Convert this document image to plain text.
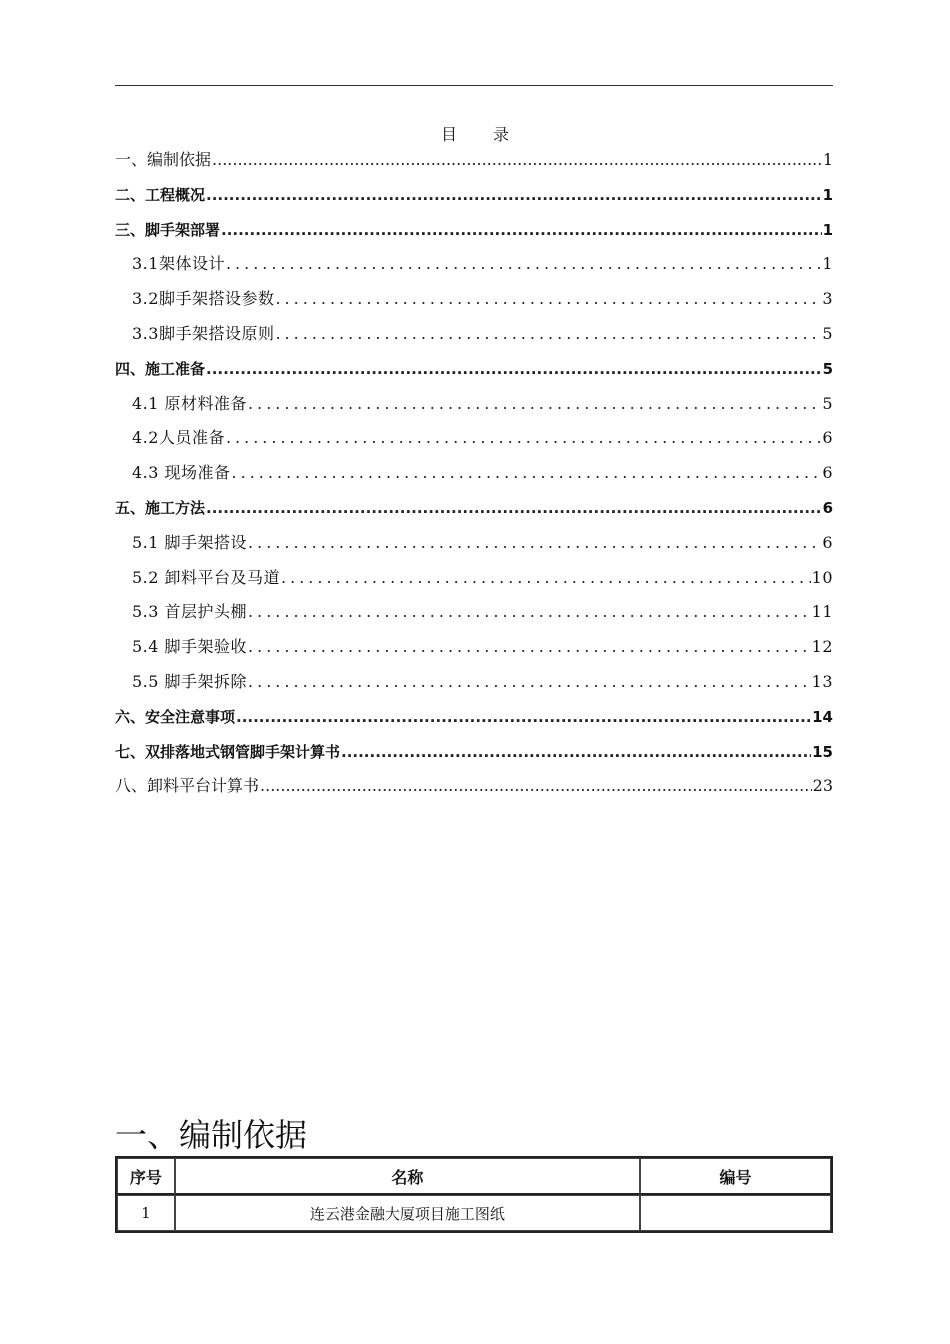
目 录
一、编制依据 .....	1
二、工程概况 .....	1
三、脚手架部署 .....	1
3.1架体设计 .....	1
3.2脚手架搭设参数 .....	3
3.3脚手架搭设原则 .....	5
四、施工准备 .....	5
4.1 原材料准备 .....	5
4.2人员准备 .....	6
4.3 现场准备 .....	6
五、施工方法 .....	6
5.1 脚手架搭设 .....	6
5.2 卸料平台及马道 .....	10
5.3 首层护头棚 .....	11
5.4 脚手架验收 .....	12
5.5 脚手架拆除 .....	13
六、安全注意事项 .....	14
七、双排落地式钢管脚手架计算书 .....	15
八、卸料平台计算书 .....	23
一、编制依据
序号	名称	编号
1	连云港金融大厦项目施工图纸	
